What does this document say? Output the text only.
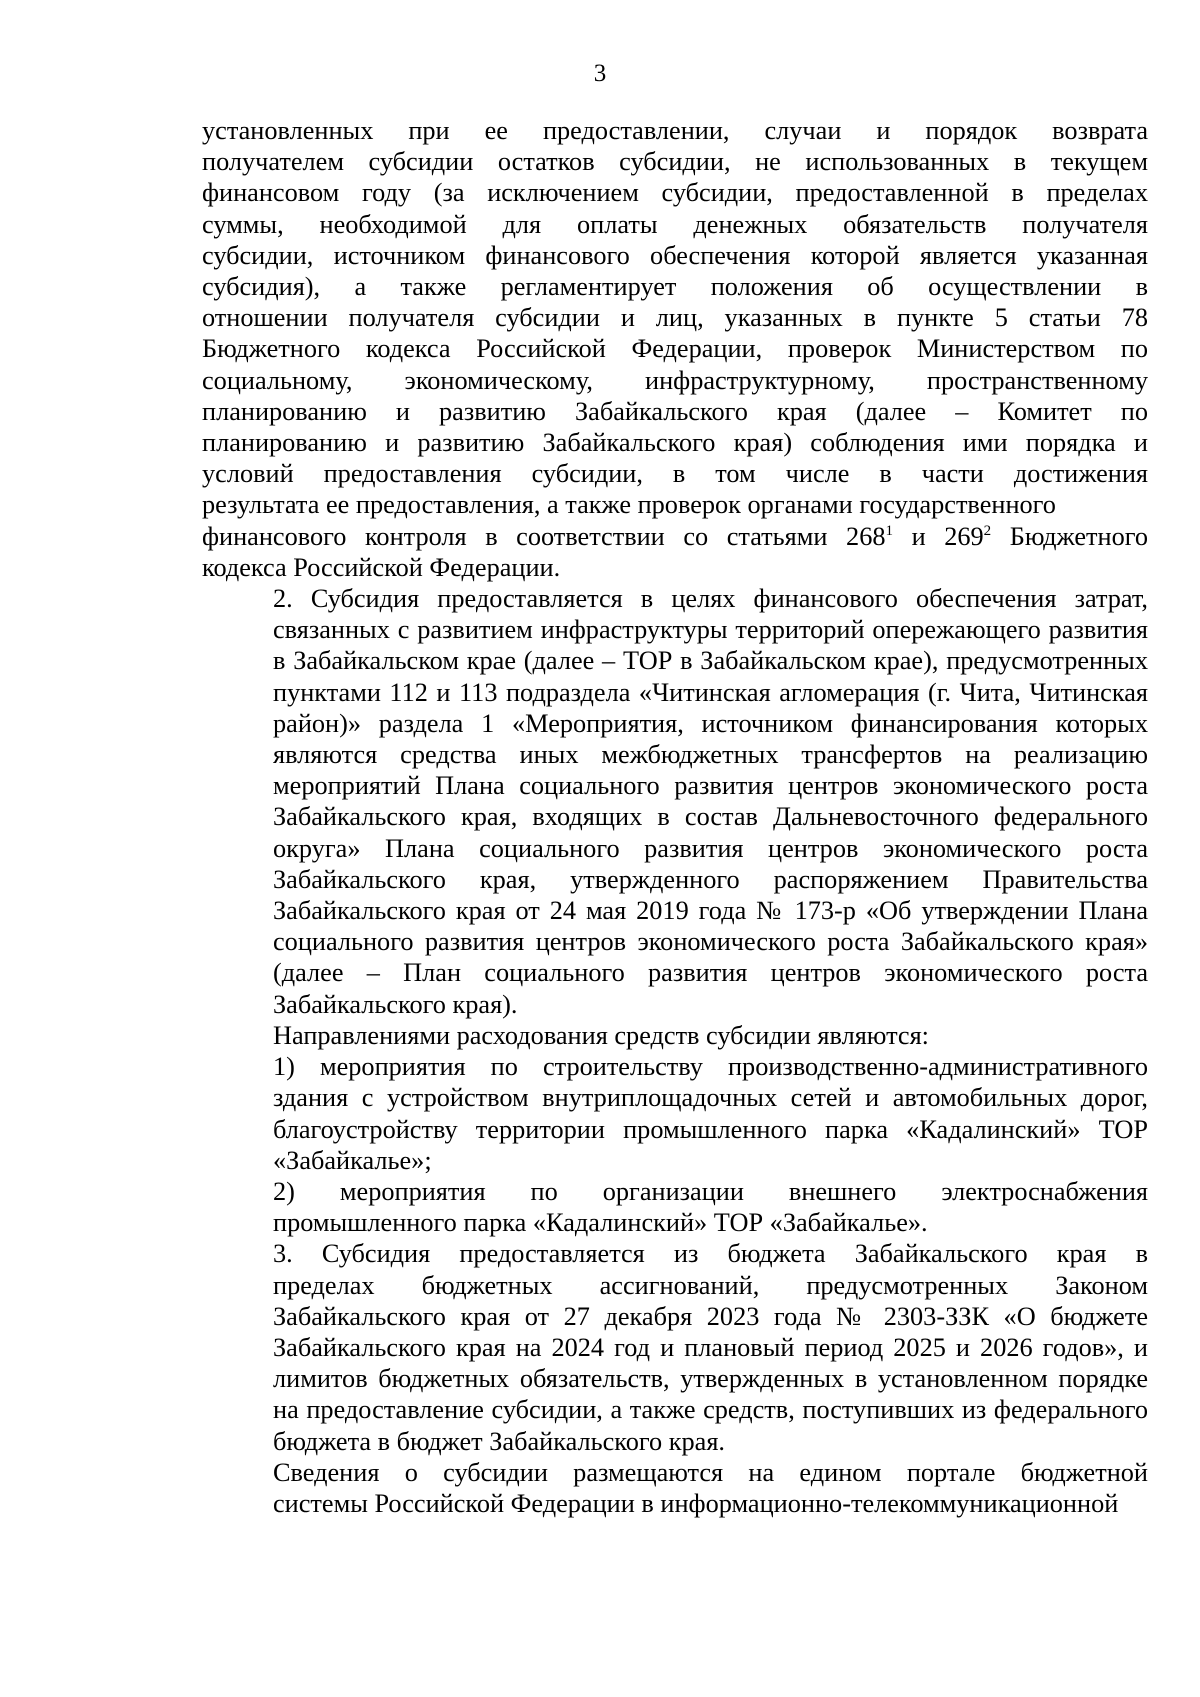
3
установленных при ее предоставлении, случаи и порядок возврата
получателем субсидии остатков субсидии, не использованных в текущем
финансовом году (за исключением субсидии, предоставленной в пределах
суммы, необходимой для оплаты денежных обязательств получателя
субсидии, источником финансового обеспечения которой является указанная
субсидия), а также регламентирует положения об осуществлении в
отношении получателя субсидии и лиц, указанных в пункте 5 статьи 78
Бюджетного кодекса Российской Федерации, проверок Министерством по
социальному, экономическому, инфраструктурному, пространственному
планированию и развитию Забайкальского края (далее – Комитет по
планированию и развитию Забайкальского края) соблюдения ими порядка и
условий предоставления субсидии, в том числе в части достижения
результата ее предоставления, а также проверок органами государственного
финансового контроля в соответствии со статьями $268^1$ и $269^2$ Бюджетного
кодекса Российской Федерации.
2. Субсидия предоставляется в целях финансового обеспечения затрат,
связанных с развитием инфраструктуры территорий опережающего развития
в Забайкальском крае (далее – ТОР в Забайкальском крае), предусмотренных
пунктами 112 и 113 подраздела «Читинская агломерация (г. Чита, Читинская
район)» раздела 1 «Мероприятия, источником финансирования которых
являются средства иных межбюджетных трансфертов на реализацию
мероприятий Плана социального развития центров экономического роста
Забайкальского края, входящих в состав Дальневосточного федерального
округа» Плана социального развития центров экономического роста
Забайкальского края, утвержденного распоряжением Правительства
Забайкальского края от 24 мая 2019 года № 173-р «Об утверждении Плана
социального развития центров экономического роста Забайкальского края»
(далее – План социального развития центров экономического роста
Забайкальского края).
Направлениями расходования средств субсидии являются:
1) мероприятия по строительству производственно-административного
здания с устройством внутриплощадочных сетей и автомобильных дорог,
благоустройству территории промышленного парка «Кадалинский» ТОР
«Забайкалье»;
2) мероприятия по организации внешнего электроснабжения
промышленного парка «Кадалинский» ТОР «Забайкалье».
3. Субсидия предоставляется из бюджета Забайкальского края в
пределах бюджетных ассигнований, предусмотренных Законом
Забайкальского края от 27 декабря 2023 года № 2303-ЗЗК «О бюджете
Забайкальского края на 2024 год и плановый период 2025 и 2026 годов», и
лимитов бюджетных обязательств, утвержденных в установленном порядке
на предоставление субсидии, а также средств, поступивших из федерального
бюджета в бюджет Забайкальского края.
Сведения о субсидии размещаются на едином портале бюджетной
системы Российской Федерации в информационно-телекоммуникационной
